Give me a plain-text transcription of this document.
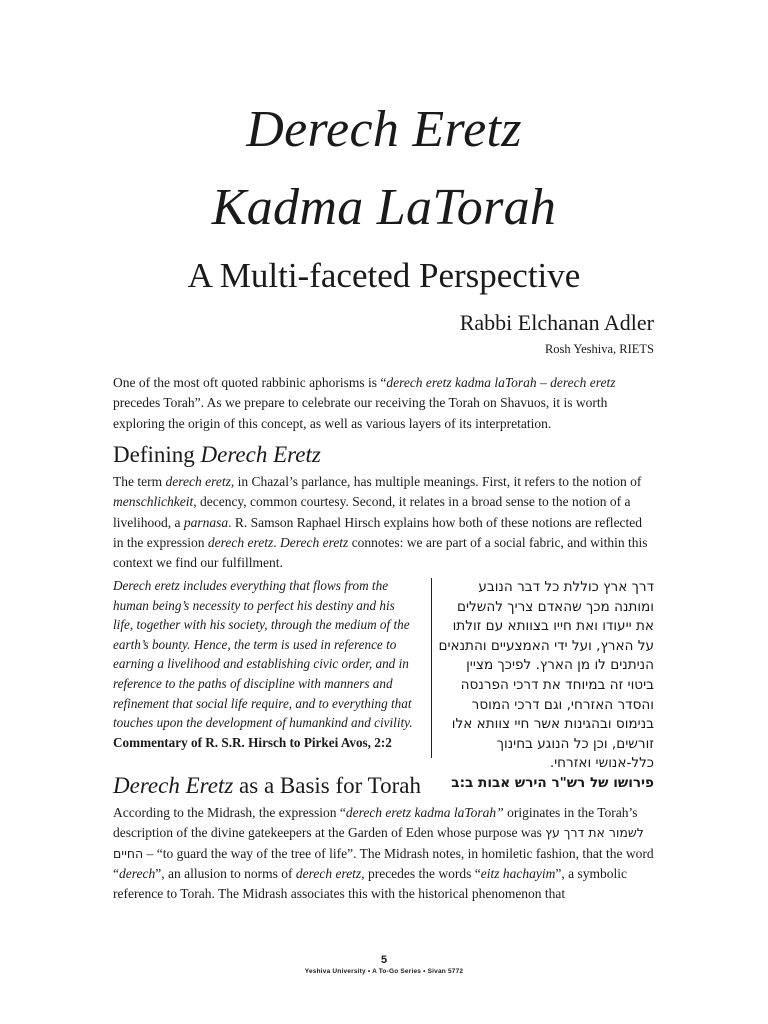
Derech Eretz
Kadma LaTorah
A Multi-faceted Perspective
Rabbi Elchanan Adler
Rosh Yeshiva, RIETS
One of the most oft quoted rabbinic aphorisms is “derech eretz kadma laTorah – derech eretz precedes Torah”. As we prepare to celebrate our receiving the Torah on Shavuos, it is worth exploring the origin of this concept, as well as various layers of its interpretation.
Defining Derech Eretz
The term derech eretz, in Chazal’s parlance, has multiple meanings. First, it refers to the notion of menschlichkeit, decency, common courtesy. Second, it relates in a broad sense to the notion of a livelihood, a parnasa. R. Samson Raphael Hirsch explains how both of these notions are reflected in the expression derech eretz. Derech eretz connotes: we are part of a social fabric, and within this context we find our fulfillment.
Derech eretz includes everything that flows from the human being’s necessity to perfect his destiny and his life, together with his society, through the medium of the earth’s bounty. Hence, the term is used in reference to earning a livelihood and establishing civic order, and in reference to the paths of discipline with manners and refinement that social life require, and to everything that touches upon the development of humankind and civility.
Commentary of R. S.R. Hirsch to Pirkei Avos, 2:2
דרך ארץ כוללת כל דבר הנובע ומותנה מכך שהאדם צריך להשלים את ייעודו ואת חייו בצוותא עם זולתו על הארץ, ועל ידי האמצעיים והתנאים הניתנים לו מן הארץ. לפיכך מציין ביטוי זה במיוחד את דרכי הפרנסה והסדר האזרחי, וגם דרכי המוסר בנימוס ובהגינות אשר חיי צוותא אלו זורשים, וכן כל הנוגע בחינוך כלל-אנושי ואזרחי.
פירושו של רש"ר הירש אבות ב:ב
Derech Eretz as a Basis for Torah
According to the Midrash, the expression “derech eretz kadma laTorah” originates in the Torah’s description of the divine gatekeepers at the Garden of Eden whose purpose was לשמור את דרך עץ החיים – “to guard the way of the tree of life”. The Midrash notes, in homiletic fashion, that the word “derech”, an allusion to norms of derech eretz, precedes the words “eitz hachayim”, a symbolic reference to Torah. The Midrash associates this with the historical phenomenon that
5
Yeshiva University • A To-Go Series • Sivan 5772
